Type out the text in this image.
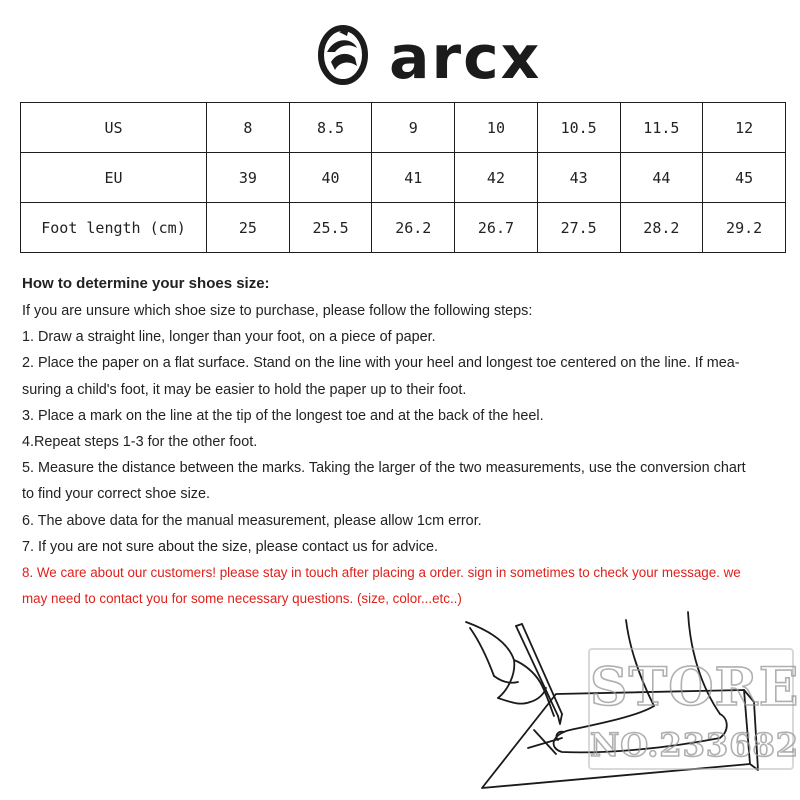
arcx
US	8	8.5	9	10	10.5	11.5	12
EU	39	40	41	42	43	44	45
Foot length (cm)	25	25.5	26.2	26.7	27.5	28.2	29.2
How to determine your shoes size:

If you are unsure which shoe size to purchase, please follow the following steps:

1. Draw a straight line, longer than your foot, on a piece of paper.

2. Place the paper on a flat surface. Stand on the line with your heel and longest toe centered on the line. If mea-

suring a child's foot, it may be easier to hold the paper up to their foot.

3. Place a mark on the line at the tip of the longest toe and at the back of the heel.

4.Repeat steps 1-3 for the other foot.

5. Measure the distance between the marks. Taking the larger of the two measurements, use the conversion chart

to find your correct shoe size.

6. The above data for the manual measurement, please allow 1cm error.

7. If you are not sure about the size, please contact us for advice.

8. We care about our customers! please stay in touch after placing a order. sign in sometimes to check your message. we

may need to contact you for some necessary questions. (size, color...etc..)

STORE
NO.233682
